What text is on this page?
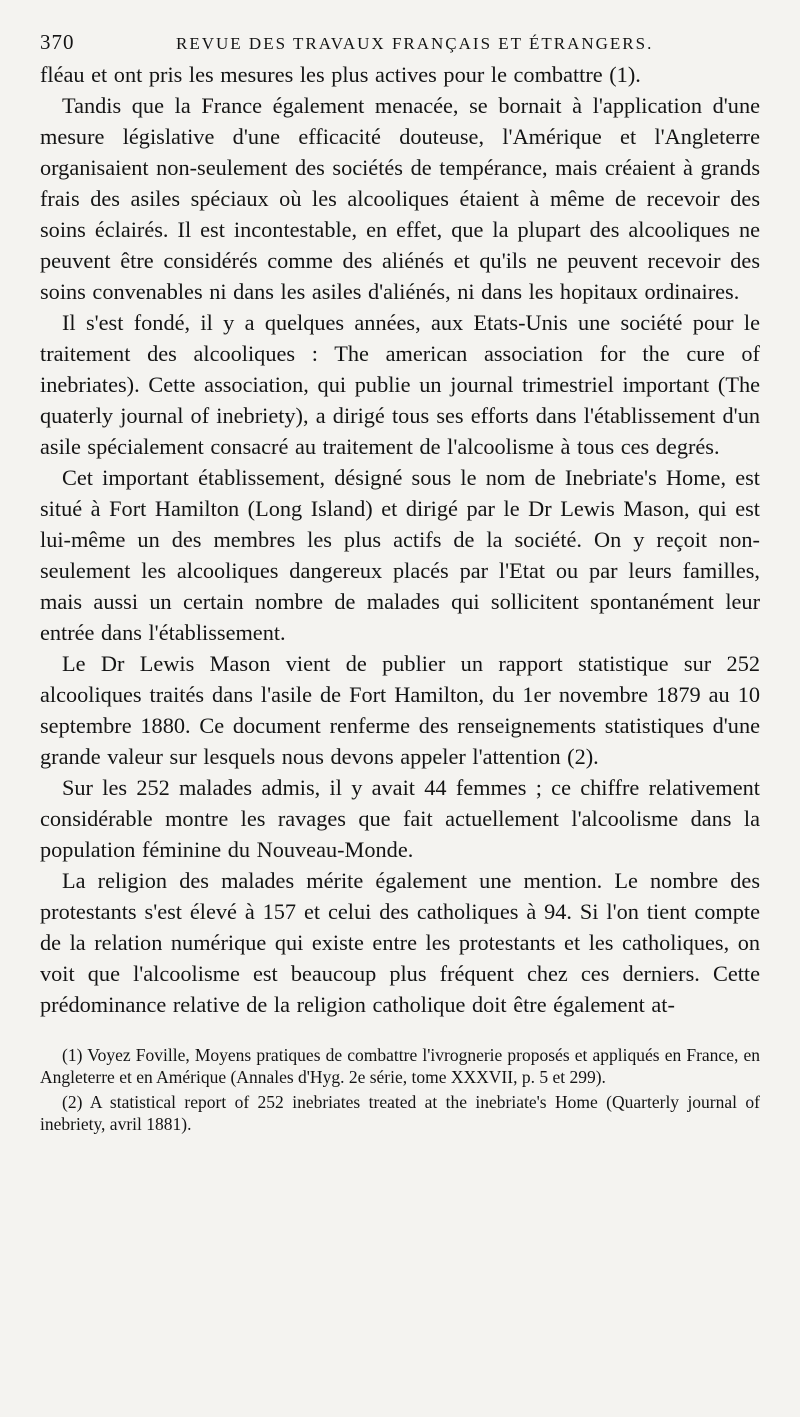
370	REVUE DES TRAVAUX FRANÇAIS ET ÉTRANGERS.

fléau et ont pris les mesures les plus actives pour le combattre (1).

Tandis que la France également menacée, se bornait à l'application d'une mesure législative d'une efficacité douteuse, l'Amérique et l'Angleterre organisaient non-seulement des sociétés de tempérance, mais créaient à grands frais des asiles spéciaux où les alcooliques étaient à même de recevoir des soins éclairés. Il est incontestable, en effet, que la plupart des alcooliques ne peuvent être considérés comme des aliénés et qu'ils ne peuvent recevoir des soins convenables ni dans les asiles d'aliénés, ni dans les hopitaux ordinaires.

Il s'est fondé, il y a quelques années, aux Etats-Unis une société pour le traitement des alcooliques : The american association for the cure of inebriates). Cette association, qui publie un journal trimestriel important (The quaterly journal of inebriety), a dirigé tous ses efforts dans l'établissement d'un asile spécialement consacré au traitement de l'alcoolisme à tous ces degrés.

Cet important établissement, désigné sous le nom de Inebriate's Home, est situé à Fort Hamilton (Long Island) et dirigé par le Dr Lewis Mason, qui est lui-même un des membres les plus actifs de la société. On y reçoit non-seulement les alcooliques dangereux placés par l'Etat ou par leurs familles, mais aussi un certain nombre de malades qui sollicitent spontanément leur entrée dans l'établissement.

Le Dr Lewis Mason vient de publier un rapport statistique sur 252 alcooliques traités dans l'asile de Fort Hamilton, du 1er novembre 1879 au 10 septembre 1880. Ce document renferme des renseignements statistiques d'une grande valeur sur lesquels nous devons appeler l'attention (2).

Sur les 252 malades admis, il y avait 44 femmes ; ce chiffre relativement considérable montre les ravages que fait actuellement l'alcoolisme dans la population féminine du Nouveau-Monde.

La religion des malades mérite également une mention. Le nombre des protestants s'est élevé à 157 et celui des catholiques à 94. Si l'on tient compte de la relation numérique qui existe entre les protestants et les catholiques, on voit que l'alcoolisme est beaucoup plus fréquent chez ces derniers. Cette prédominance relative de la religion catholique doit être également at-

(1) Voyez Foville, Moyens pratiques de combattre l'ivrognerie proposés et appliqués en France, en Angleterre et en Amérique (Annales d'Hyg. 2e série, tome XXXVII, p. 5 et 299).

(2) A statistical report of 252 inebriates treated at the inebriate's Home (Quarterly journal of inebriety, avril 1881).
